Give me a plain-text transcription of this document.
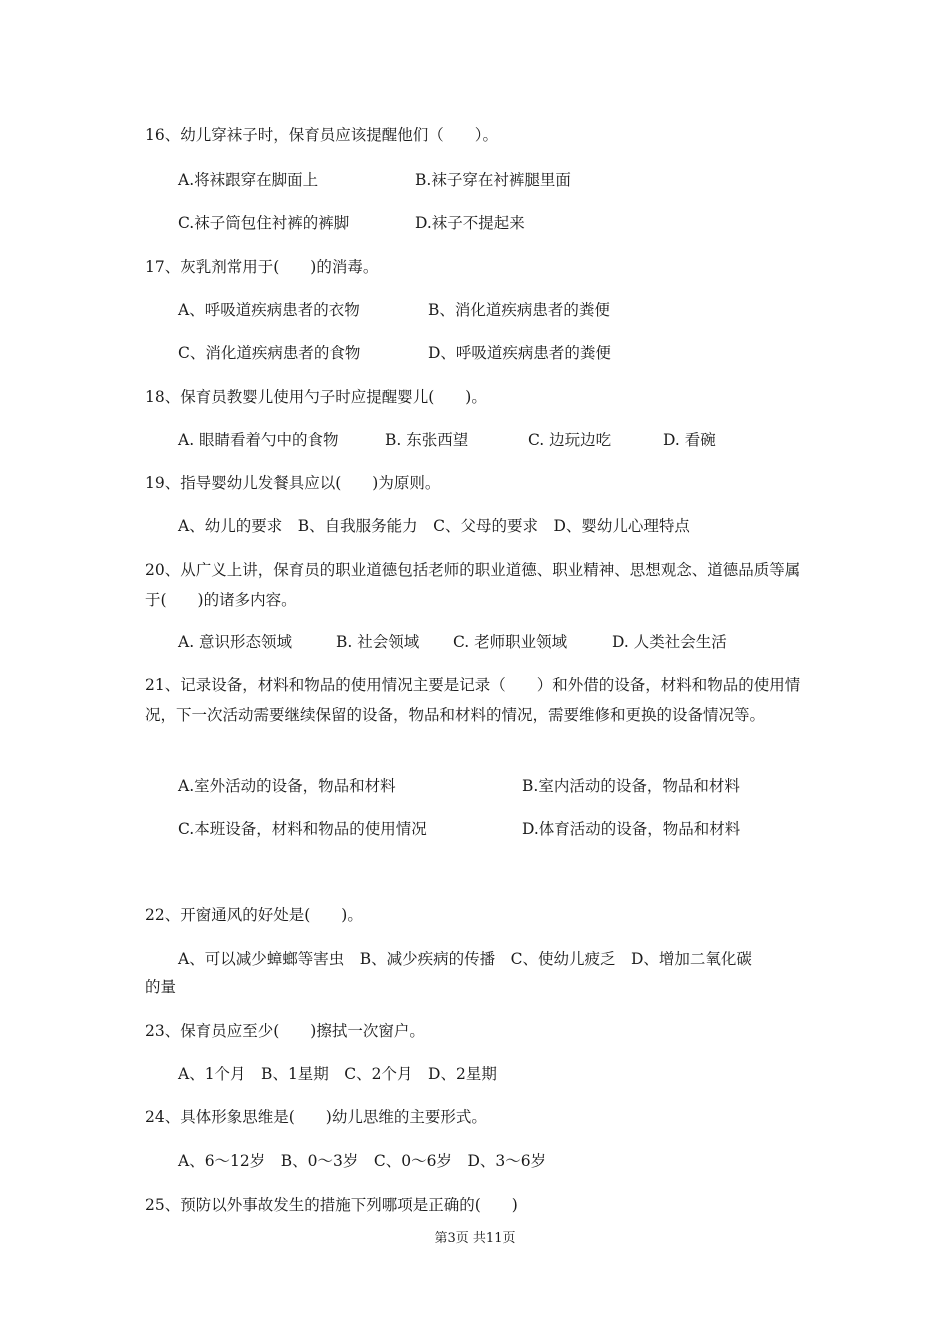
16、幼儿穿袜子时，保育员应该提醒他们（　　）。

A.将袜跟穿在脚面上	B.袜子穿在衬裤腿里面

C.袜子筒包住衬裤的裤脚	D.袜子不提起来

17、灰乳剂常用于(　　)的消毒。

A、呼吸道疾病患者的衣物	B、消化道疾病患者的粪便

C、消化道疾病患者的食物	D、呼吸道疾病患者的粪便

18、保育员教婴儿使用勺子时应提醒婴儿(　　)。

A. 眼睛看着勺中的食物	B. 东张西望	C. 边玩边吃	D. 看碗

19、指导婴幼儿发餐具应以(　　)为原则。

A、幼儿的要求　B、自我服务能力　C、父母的要求　D、婴幼儿心理特点

20、从广义上讲，保育员的职业道德包括老师的职业道德、职业精神、思想观念、道德品质等属于(　　)的诸多内容。

A. 意识形态领域	B. 社会领域 C. 老师职业领域	D. 人类社会生活

21、记录设备，材料和物品的使用情况主要是记录（　　）和外借的设备，材料和物品的使用情况，下一次活动需要继续保留的设备，物品和材料的情况，需要维修和更换的设备情况等。

A.室外活动的设备，物品和材料	B.室内活动的设备，物品和材料

C.本班设备，材料和物品的使用情况	D.体育活动的设备，物品和材料

22、开窗通风的好处是(　　)。

A、可以减少蟑螂等害虫　B、减少疾病的传播　C、使幼儿疲乏　D、增加二氧化碳

的量

23、保育员应至少(　　)擦拭一次窗户。

A、1个月　B、1星期　C、2个月　D、2星期

24、具体形象思维是(　　)幼儿思维的主要形式。

A、6～12岁　B、0～3岁　C、0～6岁　D、3～6岁

25、预防以外事故发生的措施下列哪项是正确的(　　)

第3页 共11页
